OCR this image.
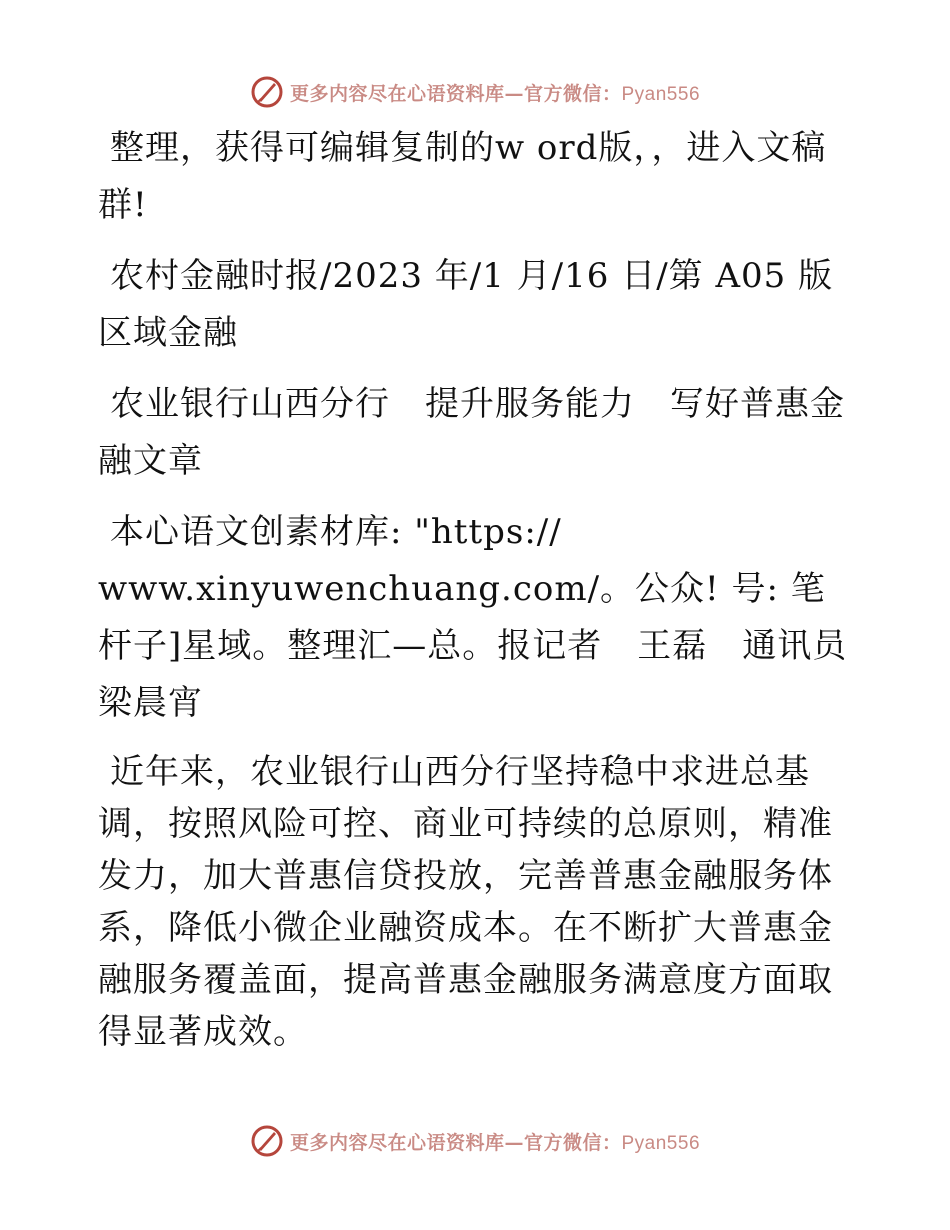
更多内容尽在心语资料库—官方微信：Pyan556

整理，获得可编辑复制的w ord版，，进入文稿群!

农村金融时报/2023 年/1 月/16 日/第 A05 版区域金融

农业银行山西分行　提升服务能力　写好普惠金融文章

本心语文创素材库: "https://

www.xinyuwenchuang.com/。公众! 号: 笔杆子]星域。整理汇—总。报记者　王磊　通讯员　梁晨宵

近年来，农业银行山西分行坚持稳中求进总基调，按照风险可控、商业可持续的总原则，精准发力，加大普惠信贷投放，完善普惠金融服务体系，降低小微企业融资成本。在不断扩大普惠金融服务覆盖面，提高普惠金融服务满意度方面取得显著成效。

更多内容尽在心语资料库—官方微信：Pyan556
